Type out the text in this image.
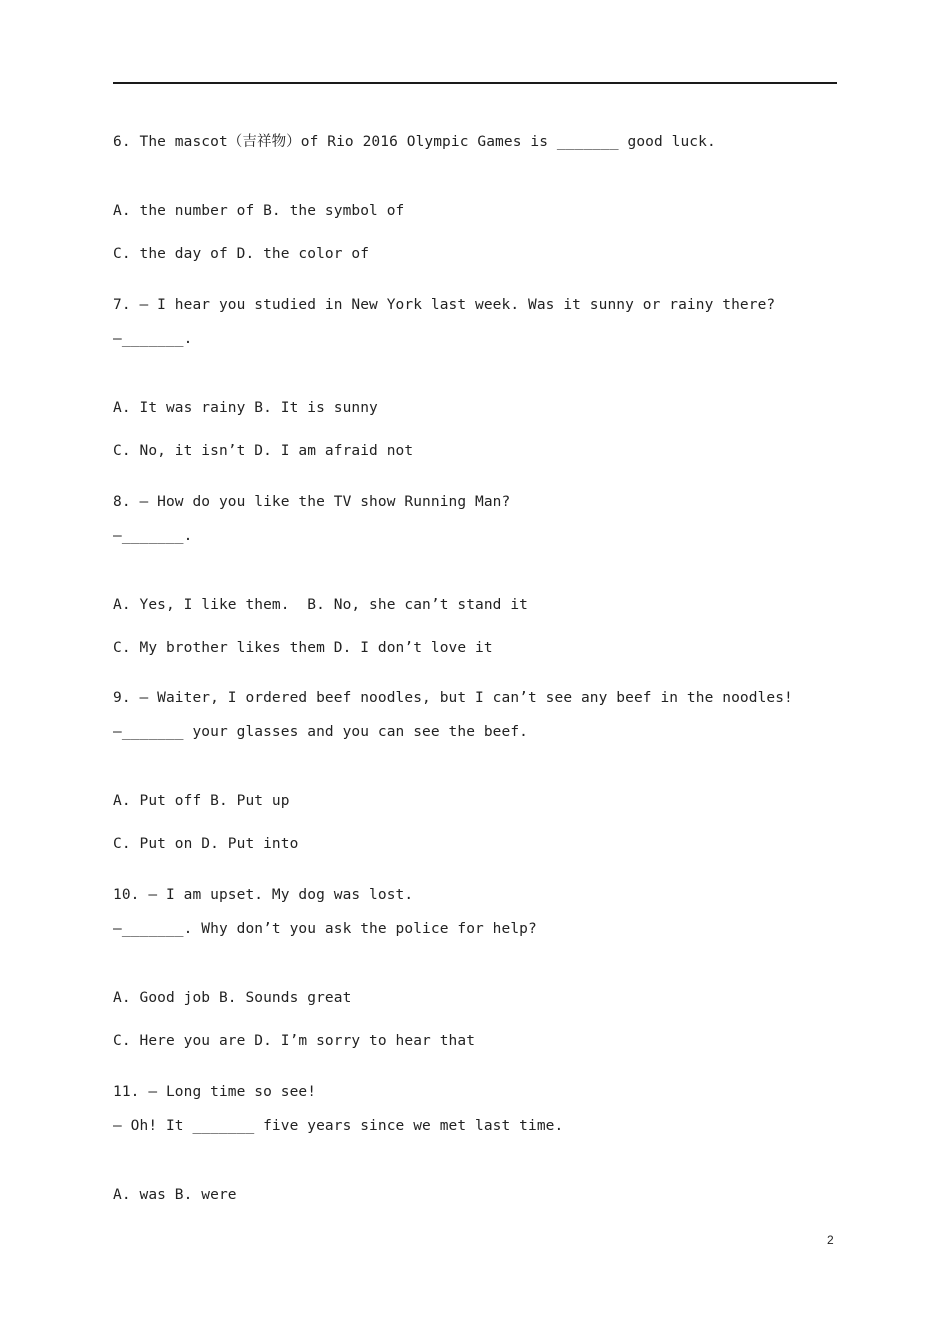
6. The mascot（吉祥物）of Rio 2016 Olympic Games is _______ good luck.
A. the number of B. the symbol of
C. the day of D. the color of
7. — I hear you studied in New York last week. Was it sunny or rainy there?
—_______.
A. It was rainy B. It is sunny
C. No, it isn’t D. I am afraid not
8. — How do you like the TV show Running Man?
—_______.
A. Yes, I like them.  B. No, she can’t stand it
C. My brother likes them D. I don’t love it
9. — Waiter, I ordered beef noodles, but I can’t see any beef in the noodles!
—_______ your glasses and you can see the beef.
A. Put off B. Put up
C. Put on D. Put into
10. — I am upset. My dog was lost.
—_______. Why don’t you ask the police for help?
A. Good job B. Sounds great
C. Here you are D. I’m sorry to hear that
11. — Long time so see!
— Oh! It _______ five years since we met last time.
A. was B. were
2
